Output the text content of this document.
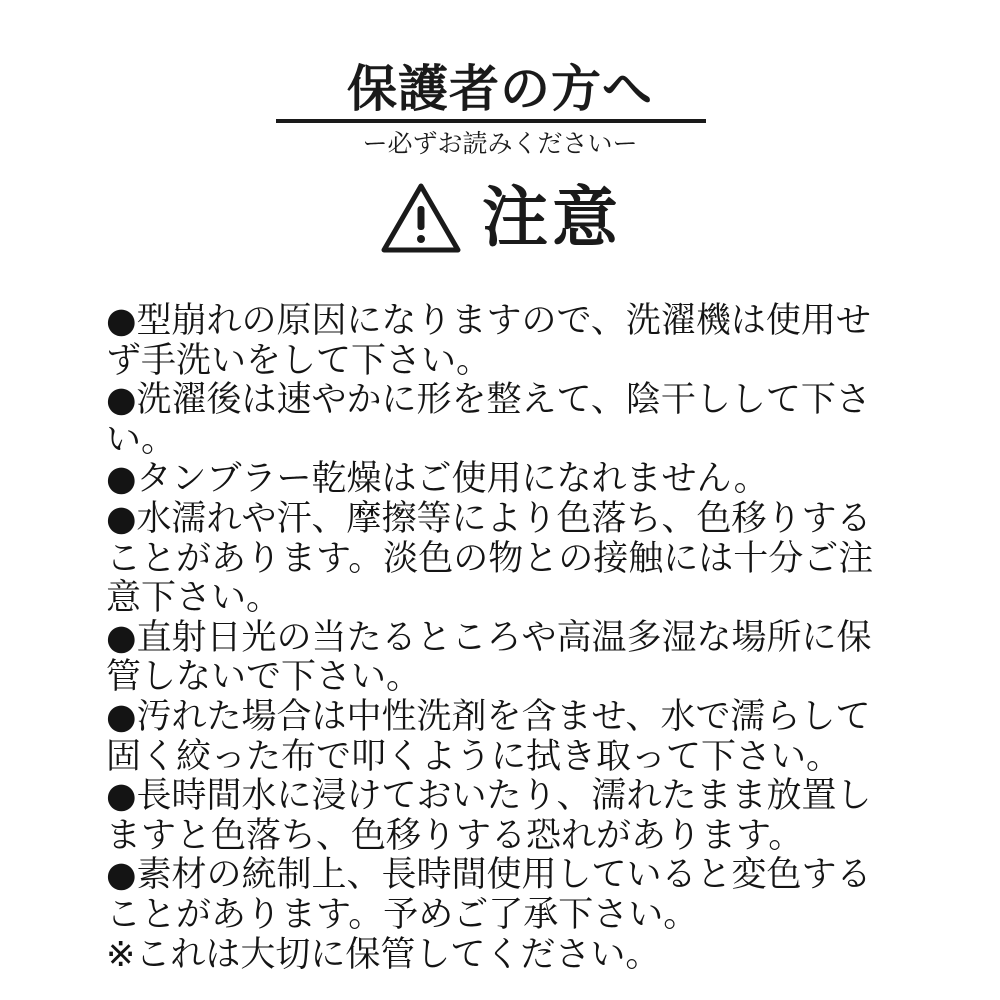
保護者の方へ
ー必ずお読みくださいー
注意
●型崩れの原因になりますので、洗濯機は使用せず手洗いをして下さい。
●洗濯後は速やかに形を整えて、陰干しして下さい。
●タンブラー乾燥はご使用になれません。
●水濡れや汗、摩擦等により色落ち、色移りすることがあります。淡色の物との接触には十分ご注意下さい。
●直射日光の当たるところや高温多湿な場所に保管しないで下さい。
●汚れた場合は中性洗剤を含ませ、水で濡らして固く絞った布で叩くように拭き取って下さい。
●長時間水に浸けておいたり、濡れたまま放置しますと色落ち、色移りする恐れがあります。
●素材の統制上、長時間使用していると変色することがあります。予めご了承下さい。
※これは大切に保管してください。
